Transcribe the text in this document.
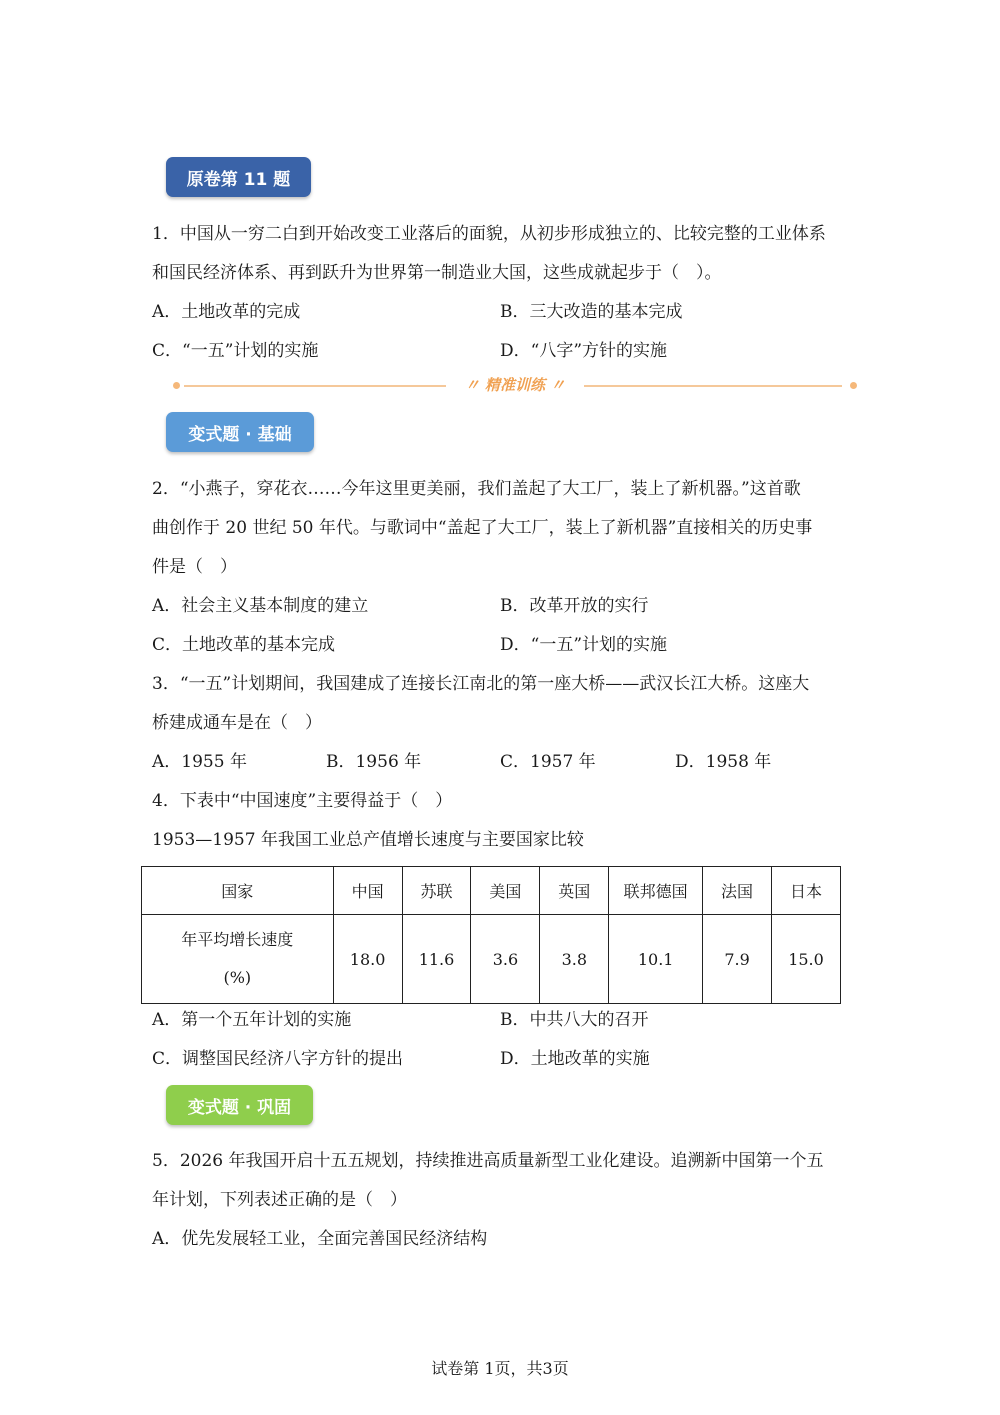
原卷第 11 题
1．中国从一穷二白到开始改变工业落后的面貌，从初步形成独立的、比较完整的工业体系
和国民经济体系、再到跃升为世界第一制造业大国，这些成就起步于（　）。
A．土地改革的完成	B．三大改造的基本完成
C．“一五”计划的实施	D．“八字”方针的实施
〃 精准训练 〃
变式题 · 基础
2．“小燕子，穿花衣……今年这里更美丽，我们盖起了大工厂，装上了新机器。”这首歌
曲创作于 20 世纪 50 年代。与歌词中“盖起了大工厂，装上了新机器”直接相关的历史事
件是（　）
A．社会主义基本制度的建立	B．改革开放的实行
C．土地改革的基本完成	D．“一五”计划的实施
3．“一五”计划期间，我国建成了连接长江南北的第一座大桥——武汉长江大桥。这座大
桥建成通车是在（　）
A．1955 年	B．1956 年	C．1957 年	D．1958 年
4．下表中“中国速度”主要得益于（　）
1953—1957 年我国工业总产值增长速度与主要国家比较
国家	中国	苏联	美国	英国	联邦德国	法国	日本

年平均增长速度
(%)	18.0	11.6	3.6	3.8	10.1	7.9	15.0
A．第一个五年计划的实施	B．中共八大的召开
C．调整国民经济八字方针的提出	D．土地改革的实施
变式题 · 巩固
5．2026 年我国开启十五五规划，持续推进高质量新型工业化建设。追溯新中国第一个五
年计划，下列表述正确的是（　）
A．优先发展轻工业，全面完善国民经济结构
试卷第 1页，共3页
